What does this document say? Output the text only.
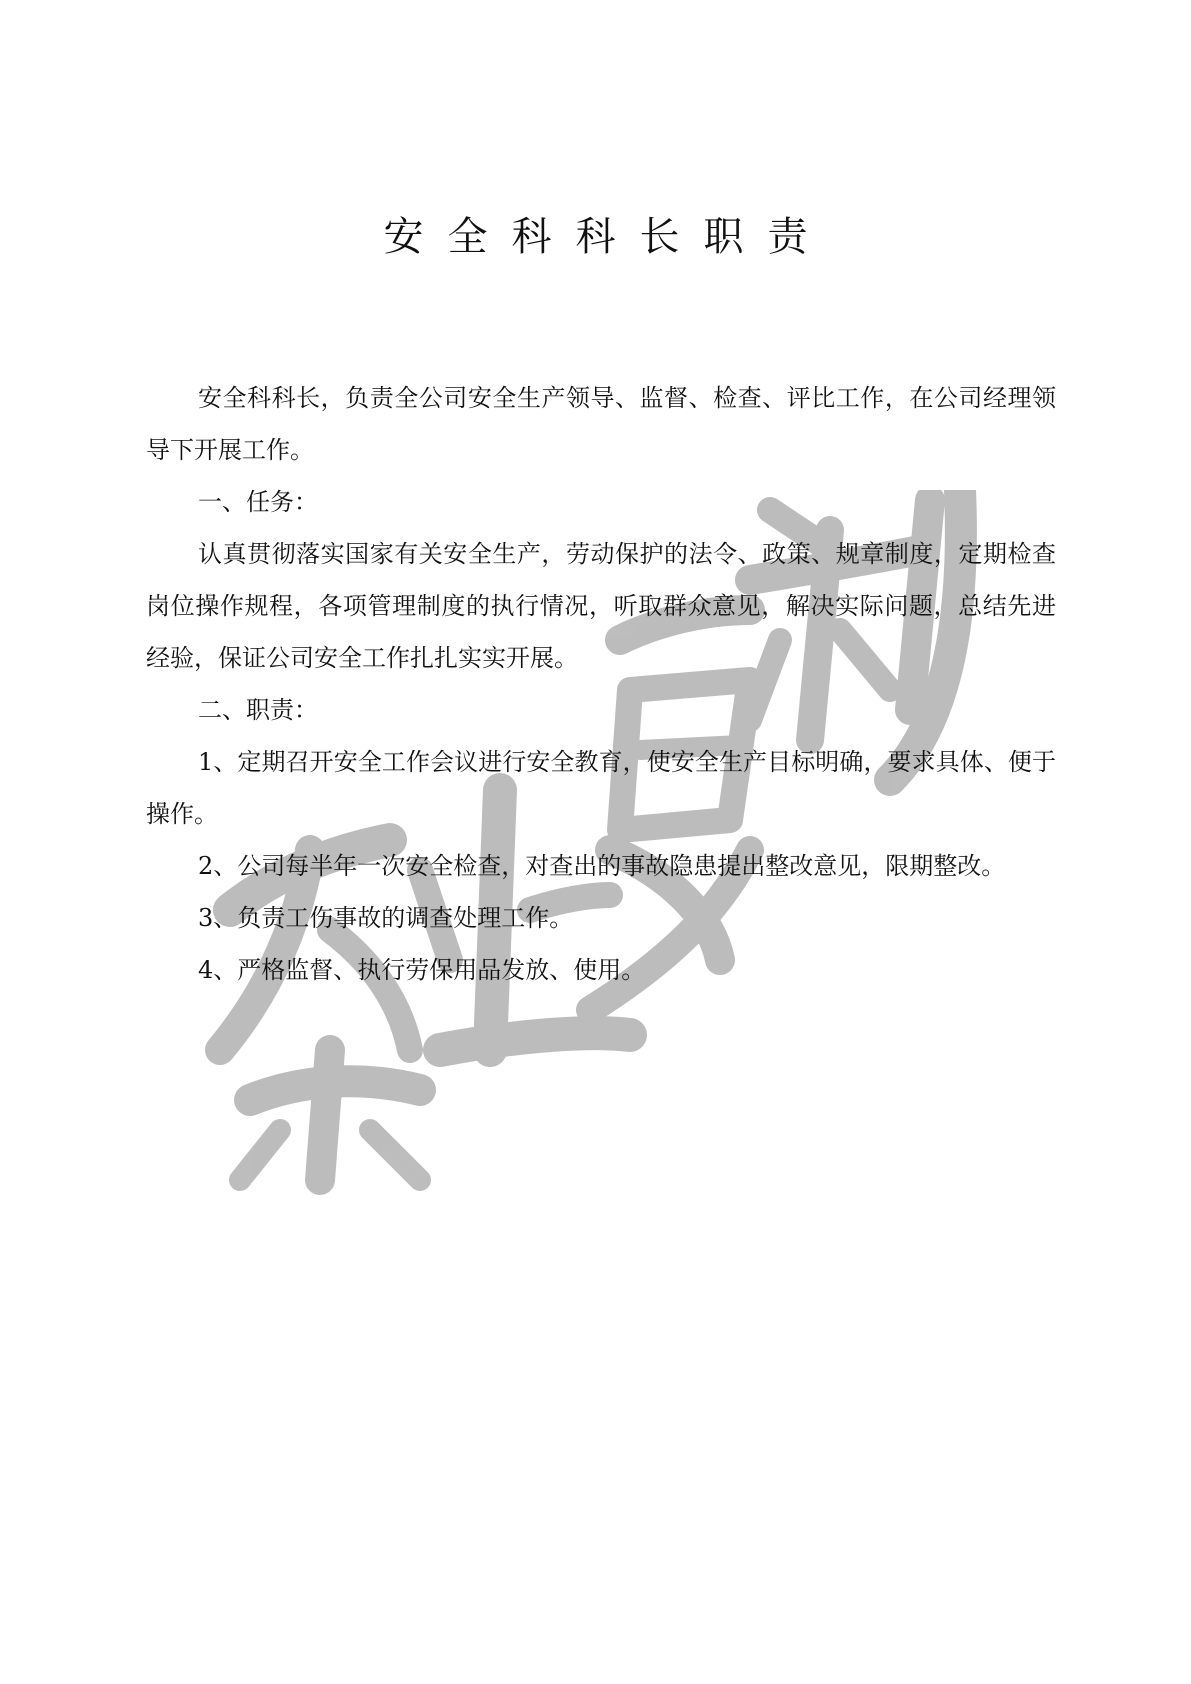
安全科科长职责

安全科科长，负责全公司安全生产领导、监督、检查、评比工作，在公司经理领导下开展工作。

一、任务：

认真贯彻落实国家有关安全生产，劳动保护的法令、政策、规章制度，定期检查岗位操作规程，各项管理制度的执行情况，听取群众意见，解决实际问题，总结先进经验，保证公司安全工作扎扎实实开展。

二、职责：

1、定期召开安全工作会议进行安全教育，使安全生产目标明确，要求具体、便于操作。

2、公司每半年一次安全检查，对查出的事故隐患提出整改意见，限期整改。

3、负责工伤事故的调查处理工作。

4、严格监督、执行劳保用品发放、使用。
